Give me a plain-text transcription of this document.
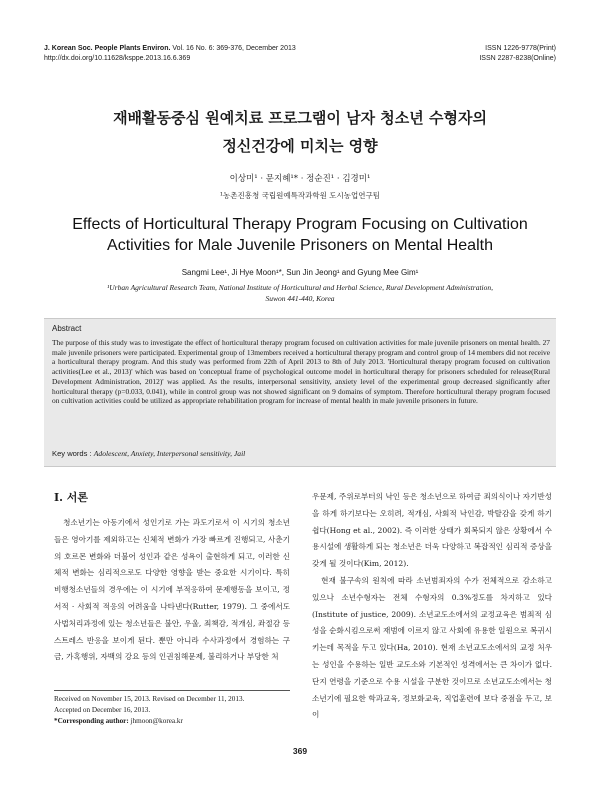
J. Korean Soc. People Plants Environ. Vol. 16 No. 6: 369-376, December 2013
http://dx.doi.org/10.11628/ksppe.2013.16.6.369
ISSN 1226-9778(Print)
ISSN 2287-8238(Online)
재배활동중심 원예치료 프로그램이 남자 청소년 수형자의
정신건강에 미치는 영향
이상미¹ · 문지혜¹* · 정순진¹ · 김경미¹
¹농촌진흥청 국립원예특작과학원 도시농업연구팀
Effects of Horticultural Therapy Program Focusing on Cultivation
Activities for Male Juvenile Prisoners on Mental Health
Sangmi Lee¹, Ji Hye Moon¹*, Sun Jin Jeong¹ and Gyung Mee Gim¹
¹Urban Agricultural Research Team, National Institute of Horticultural and Herbal Science, Rural Development Administration,
Suwon 441-440, Korea
Abstract
The purpose of this study was to investigate the effect of horticultural therapy program focused on cultivation activities for male juvenile prisoners on mental health. 27 male juvenile prisoners were participated. Experimental group of 13members received a horticultural therapy program and control group of 14 members did not receive a horticultural therapy program. And this study was performed from 22th of April 2013 to 8th of July 2013. 'Horticultural therapy program focused on cultivation activities(Lee et al., 2013)' which was based on 'conceptual frame of psychological outcome model in horticultural therapy for prisoners scheduled for release(Rural Development Administration, 2012)' was applied. As the results, interpersonal sensitivity, anxiety level of the experimental group decreased significantly after horticultural therapy (p=0.033, 0.041), while in control group was not showed significant on 9 domains of symptom. Therefore horticultural therapy program focused on cultivation activities could be utilized as appropriate rehabilitation program for increase of mental health in male juvenile prisoners in future.
Key words : Adolescent, Anxiety, Interpersonal sensitivity, Jail
Ⅰ. 서론

청소년기는 아동기에서 성인기로 가는 과도기로서 이 시기의 청소년들은 영아기를 제외하고는 신체적 변화가 가장 빠르게 진행되고, 사춘기의 호르몬 변화와 더불어 성인과 같은 성욕이 출현하게 되고, 이러한 신체적 변화는 심리적으로도 다양한 영향을 받는 중요한 시기이다. 특히 비행청소년들의 경우에는 이 시기에 부적응하여 문제행동을 보이고, 정서적 · 사회적 적응의 어려움을 나타낸다(Rutter, 1979). 그 중에서도 사법처리과정에 있는 청소년들은 불안, 우울, 죄책감, 적개심, 좌절감 등 스트레스 반응을 보이게 된다. 뿐만 아니라 수사과정에서 경험하는 구금, 가혹행위, 자백의 강요 등의 인권침해문제, 불리하거나 부당한 처

우문제, 주위로부터의 낙인 등은 청소년으로 하여금 죄의식이나 자기반성을 하게 하기보다는 오히려, 적개심, 사회적 낙인감, 박탈감을 갖게 하기 쉽다(Hong et al., 2002). 즉 이러한 상태가 회복되지 않은 상황에서 수용시설에 생활하게 되는 청소년은 더욱 다양하고 복잡적인 심리적 증상을 갖게 될 것이다(Kim, 2012).

현재 불구속의 원칙에 따라 소년범죄자의 수가 전체적으로 감소하고 있으나 소년수형자는 전체 수형자의 0.3%정도를 차지하고 있다(Institute of justice, 2009). 소년교도소에서의 교정교육은 범죄적 심성을 순화시킴으로써 재범에 이르지 않고 사회에 유용한 일원으로 복귀시키는데 목적을 두고 있다(Ha, 2010). 현재 소년교도소에서의 교정 처우는 성인을 수용하는 일반 교도소와 기본적인 성격에서는 큰 차이가 없다. 단지 연령을 기준으로 수용 시설을 구분한 것이므로 소년교도소에서는 청소년기에 필요한 학과교육, 정보화교육, 직업훈련에 보다 중점을 두고, 보이

Received on November 15, 2013. Revised on December 11, 2013.
Accepted on December 16, 2013.
*Corresponding author: jhmoon@korea.kr
369
